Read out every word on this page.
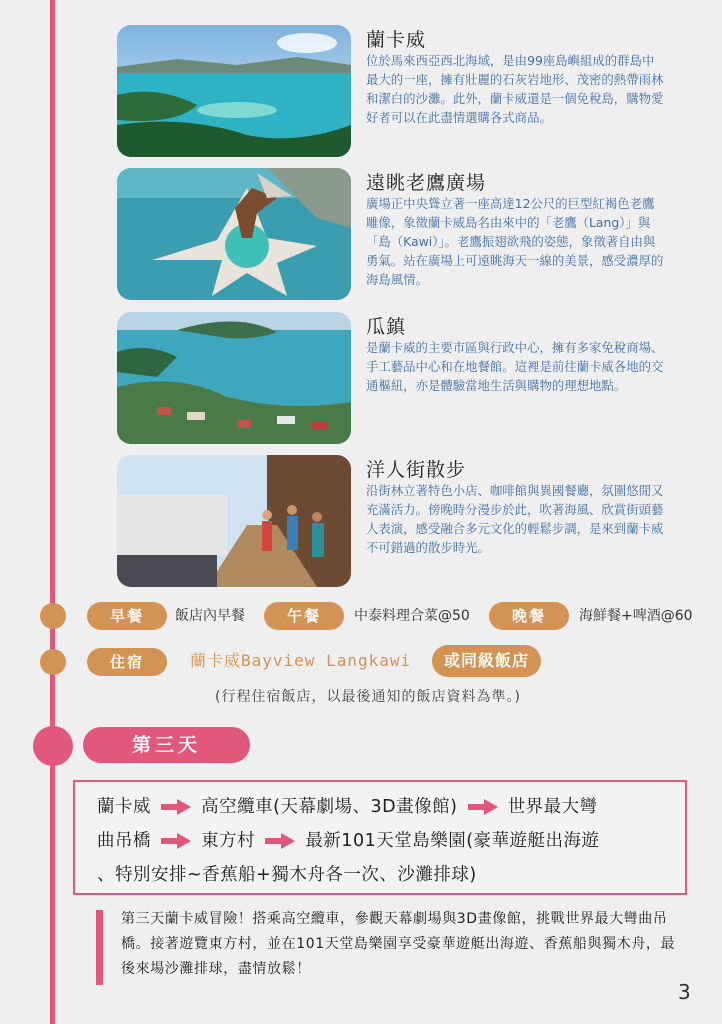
蘭卡威
位於馬來西亞西北海域，是由99座島嶼組成的群島中最大的一座，擁有壯麗的石灰岩地形、茂密的熱帶雨林和潔白的沙灘。此外，蘭卡威還是一個免稅島，購物愛好者可以在此盡情選購各式商品。
遠眺老鷹廣場
廣場正中央聳立著一座高達12公尺的巨型紅褐色老鷹雕像，象徵蘭卡威島名由來中的「老鷹（Lang）」與「島（Kawi）」。老鷹振翅欲飛的姿態，象徵著自由與勇氣。站在廣場上可遠眺海天一線的美景，感受濃厚的海島風情。
瓜鎮
是蘭卡威的主要市區與行政中心，擁有多家免稅商場、手工藝品中心和在地餐館。這裡是前往蘭卡威各地的交通樞紐，亦是體驗當地生活與購物的理想地點。
洋人街散步
沿街林立著特色小店、咖啡館與異國餐廳，氛圍悠閒又充滿活力。傍晚時分漫步於此，吹著海風、欣賞街頭藝人表演，感受融合多元文化的輕鬆步調，是來到蘭卡威不可錯過的散步時光。
早餐	飯店內早餐	午餐	中泰料理合菜@50	晚餐	海鮮餐+啤酒@60
住宿	蘭卡威Bayview Langkawi	或同級飯店
(行程住宿飯店，以最後通知的飯店資料為準。)
第三天
蘭卡威	高空纜車(天幕劇場、3D畫像館)	世界最大彎
曲吊橋	東方村	最新101天堂島樂園(豪華遊艇出海遊
、特別安排~香蕉船+獨木舟各一次、沙灘排球)
第三天蘭卡威冒險！搭乘高空纜車，參觀天幕劇場與3D畫像館，挑戰世界最大彎曲吊橋。接著遊覽東方村，並在101天堂島樂園享受豪華遊艇出海遊、香蕉船與獨木舟，最後來場沙灘排球，盡情放鬆！
3
